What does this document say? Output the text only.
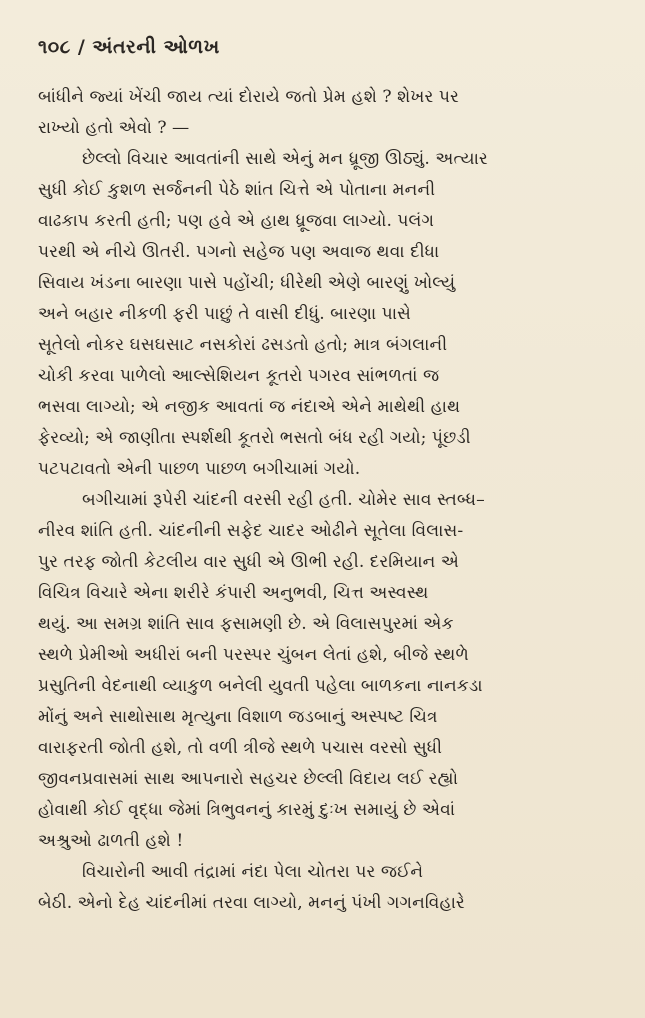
૧૦૮ / અંતરની ઓળખ

બાંધીને જ્યાં ખેંચી જાય ત્યાં દોરાયે જતો પ્રેમ હશે ? શેખર પર
રાખ્યો હતો એવો ? —

છેલ્લો વિચાર આવતાંની સાથે એનું મન ધ્રૂજી ઊઠ્યું. અત્યાર
સુધી કોઈ કુશળ સર્જનની પેઠે શાંત ચિત્તે એ પોતાના મનની
વાઢકાપ કરતી હતી; પણ હવે એ હાથ ધ્રૂજવા લાગ્યો. પલંગ
પરથી એ નીચે ઊતરી. પગનો સહેજ પણ અવાજ થવા દીધા
સિવાય ખંડના બારણા પાસે પહોંચી; ધીરેથી એણે બારણું ખોલ્યું
અને બહાર નીકળી ફરી પાછું તે વાસી દીધું. બારણા પાસે
સૂતેલો નોકર ઘસઘસાટ નસકોરાં ઢસડતો હતો; માત્ર બંગલાની
ચોકી કરવા પાળેલો આલ્સેશિયન કૂતરો પગરવ સાંભળતાં જ
ભસવા લાગ્યો; એ નજીક આવતાં જ નંદાએ એને માથેથી હાથ
ફેરવ્યો; એ જાણીતા સ્પર્શથી કૂતરો ભસતો બંધ રહી ગયો; પૂંછડી
પટપટાવતો એની પાછળ પાછળ બગીચામાં ગયો.

બગીચામાં રૂપેરી ચાંદની વરસી રહી હતી. ચોમેર સાવ સ્તબ્ધ–
નીરવ શાંતિ હતી. ચાંદનીની સફેદ ચાદર ઓઢીને સૂતેલા વિલાસ-
પુર તરફ જોતી કેટલીય વાર સુધી એ ઊભી રહી. દરમિયાન એ
વિચિત્ર વિચારે એના શરીરે કંપારી અનુભવી, ચિત્ત અસ્વસ્થ
થયું. આ સમગ્ર શાંતિ સાવ ફસામણી છે. એ વિલાસપુરમાં એક
સ્થળે પ્રેમીઓ અધીરાં બની પરસ્પર ચુંબન લેતાં હશે, બીજે સ્થળે
પ્રસુતિની વેદનાથી વ્યાકુળ બનેલી યુવતી પહેલા બાળકના નાનકડા
મોંનું અને સાથોસાથ મૃત્યુના વિશાળ જડબાનું અસ્પષ્ટ ચિત્ર
વારાફરતી જોતી હશે, તો વળી ત્રીજે સ્થળે પચાસ વરસો સુધી
જીવનપ્રવાસમાં સાથ આપનારો સહચર છેલ્લી વિદાય લઈ રહ્યો
હોવાથી કોઈ વૃદ્ધા જેમાં ત્રિભુવનનું કારમું દુઃખ સમાયું છે એવાં
અશ્રુઓ ઢાળતી હશે !

વિચારોની આવી તંદ્રામાં નંદા પેલા ચોતરા પર જઈને
બેઠી. એનો દેહ ચાંદનીમાં તરવા લાગ્યો, મનનું પંખી ગગનવિહારે
